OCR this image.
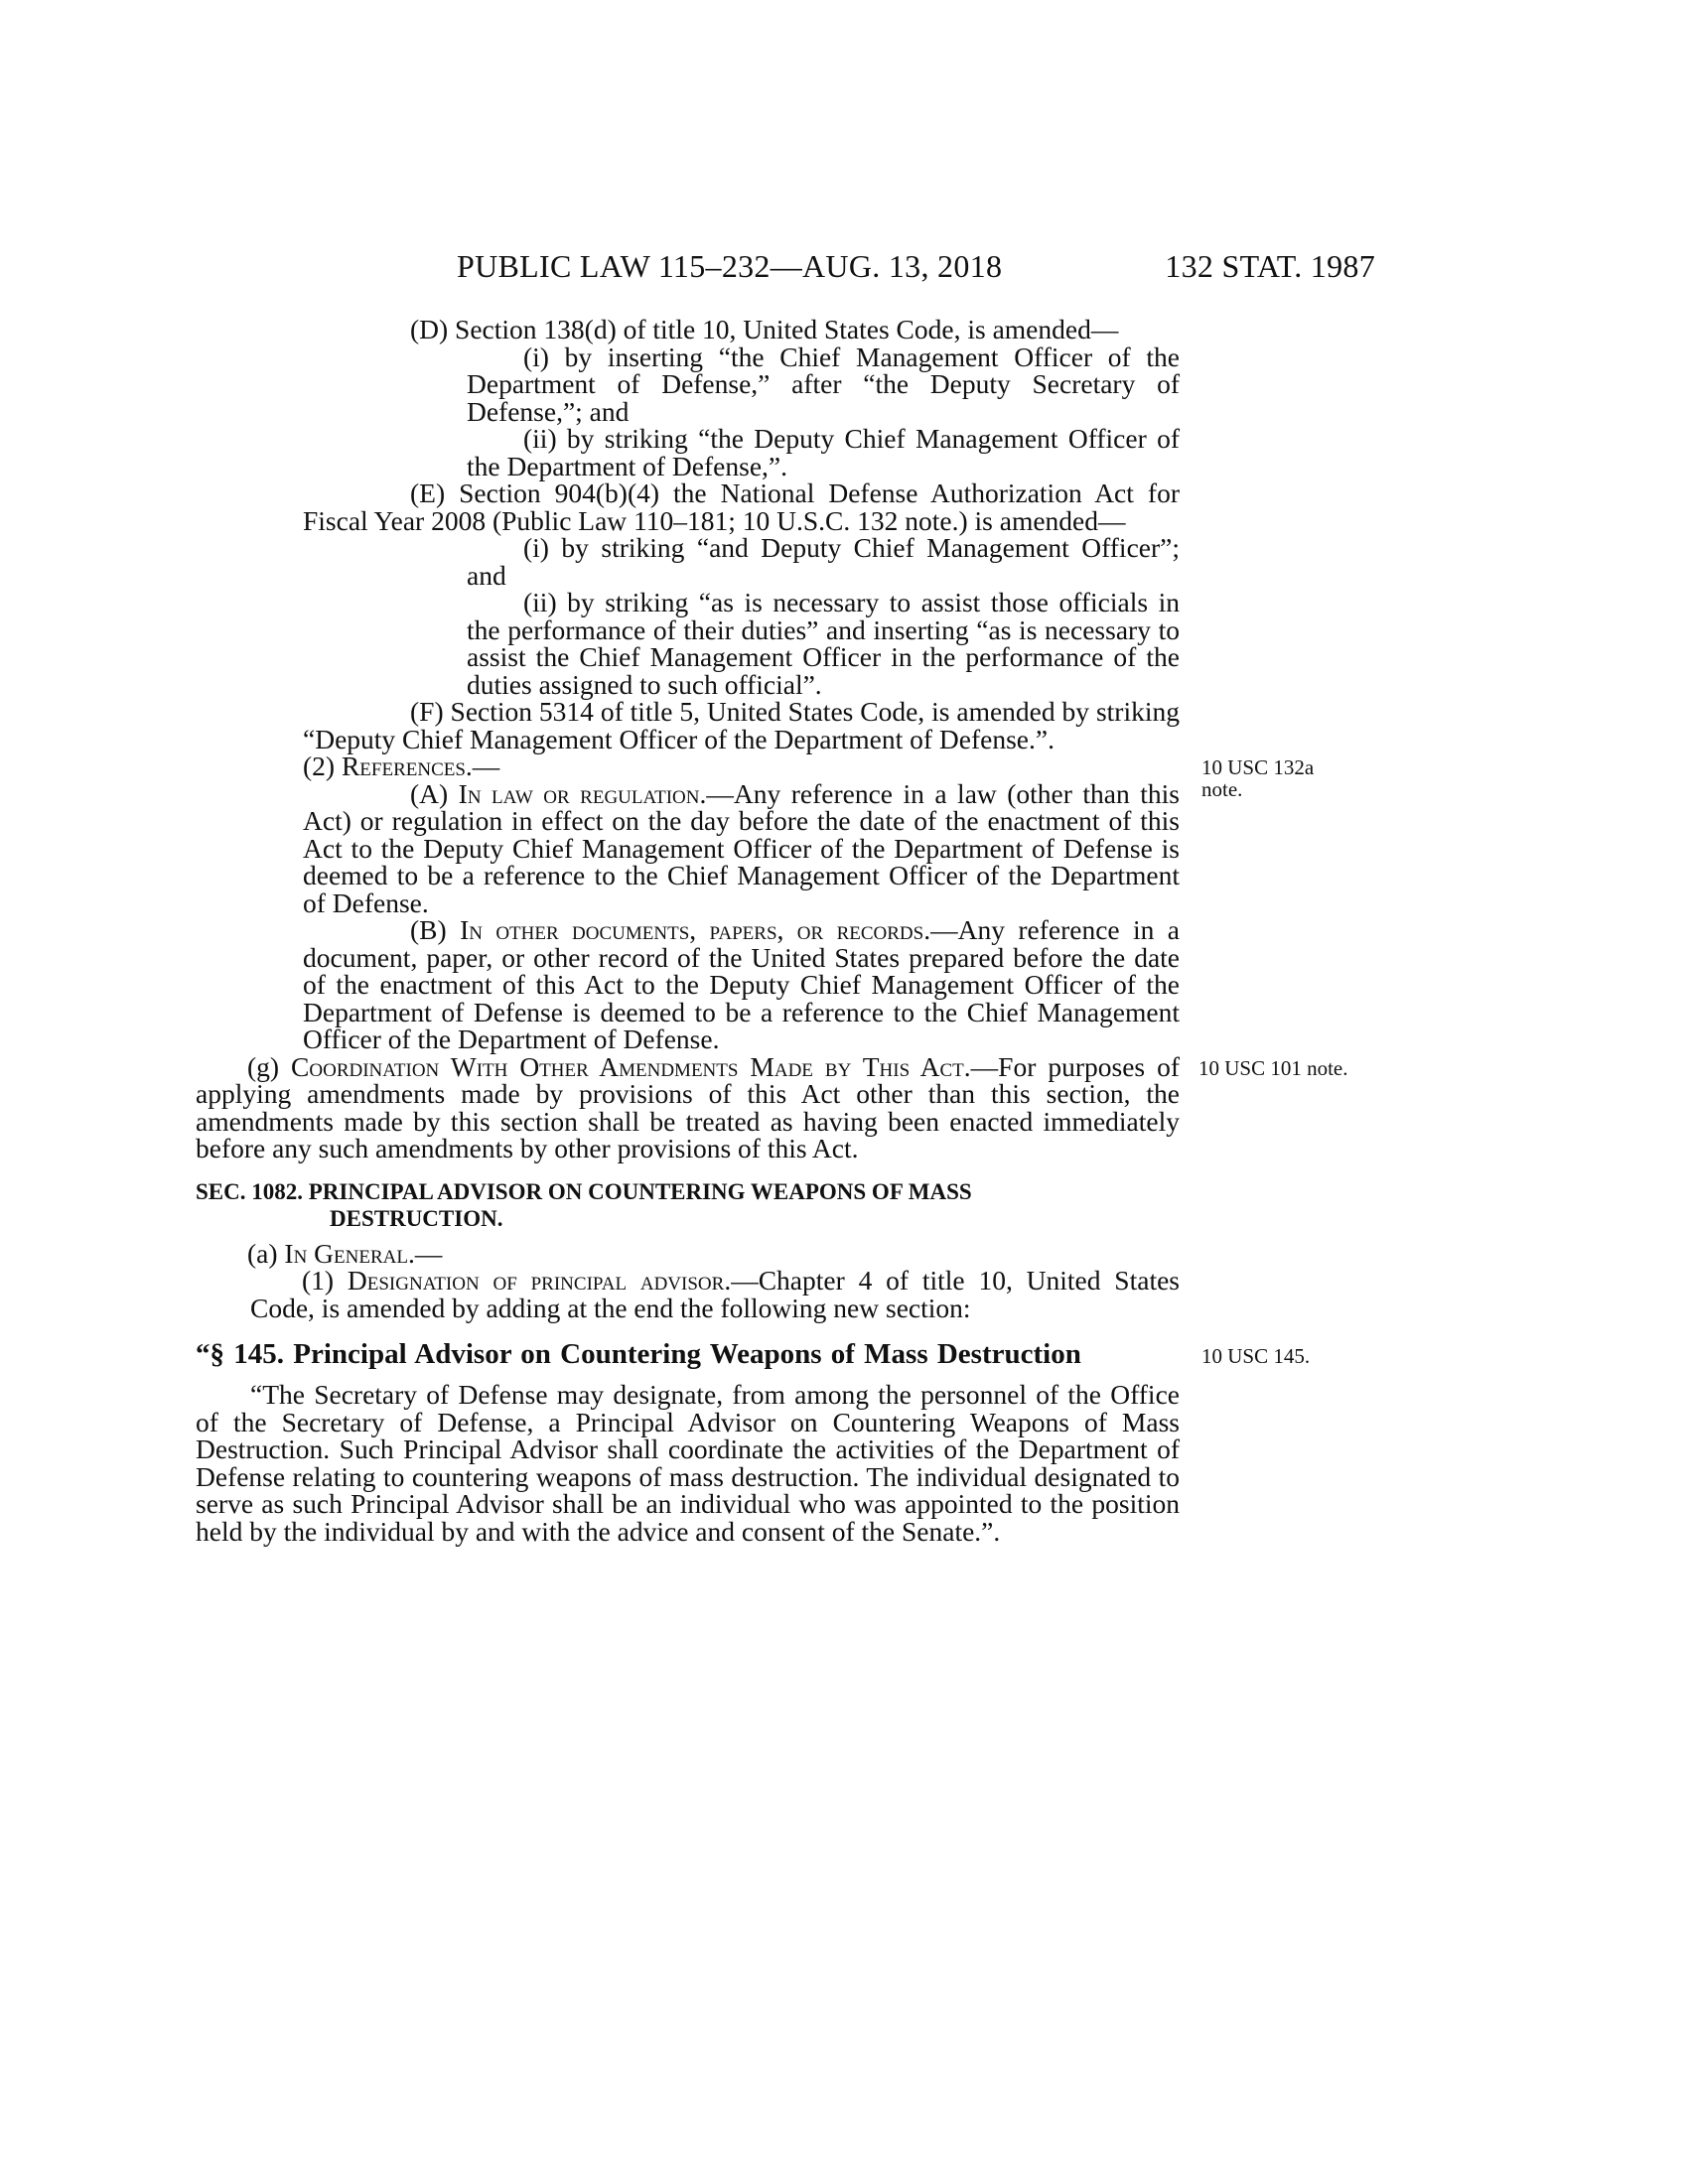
PUBLIC LAW 115–232—AUG. 13, 2018	132 STAT. 1987

(D) Section 138(d) of title 10, United States Code, is amended—

(i) by inserting “the Chief Management Officer of the Department of Defense,” after “the Deputy Secretary of Defense,”; and

(ii) by striking “the Deputy Chief Management Officer of the Department of Defense,”.

(E) Section 904(b)(4) the National Defense Authorization Act for Fiscal Year 2008 (Public Law 110–181; 10 U.S.C. 132 note.) is amended—

(i) by striking “and Deputy Chief Management Officer”; and

(ii) by striking “as is necessary to assist those officials in the performance of their duties” and inserting “as is necessary to assist the Chief Management Officer in the performance of the duties assigned to such official”.

(F) Section 5314 of title 5, United States Code, is amended by striking “Deputy Chief Management Officer of the Department of Defense.”.

(2) References.—

(A) In law or regulation.—Any reference in a law (other than this Act) or regulation in effect on the day before the date of the enactment of this Act to the Deputy Chief Management Officer of the Department of Defense is deemed to be a reference to the Chief Management Officer of the Department of Defense.

(B) In other documents, papers, or records.—Any reference in a document, paper, or other record of the United States prepared before the date of the enactment of this Act to the Deputy Chief Management Officer of the Department of Defense is deemed to be a reference to the Chief Management Officer of the Department of Defense.

(g) Coordination With Other Amendments Made by This Act.—For purposes of applying amendments made by provisions of this Act other than this section, the amendments made by this section shall be treated as having been enacted immediately before any such amendments by other provisions of this Act.

SEC. 1082. PRINCIPAL ADVISOR ON COUNTERING WEAPONS OF MASS
DESTRUCTION.

(a) In General.—

(1) Designation of principal advisor.—Chapter 4 of title 10, United States Code, is amended by adding at the end the following new section:

“§ 145. Principal Advisor on Countering Weapons of Mass Destruction

“The Secretary of Defense may designate, from among the personnel of the Office of the Secretary of Defense, a Principal Advisor on Countering Weapons of Mass Destruction. Such Principal Advisor shall coordinate the activities of the Department of Defense relating to countering weapons of mass destruction. The individual designated to serve as such Principal Advisor shall be an individual who was appointed to the position held by the individual by and with the advice and consent of the Senate.”.

10 USC 132a
note.
10 USC 101 note.
10 USC 145.
